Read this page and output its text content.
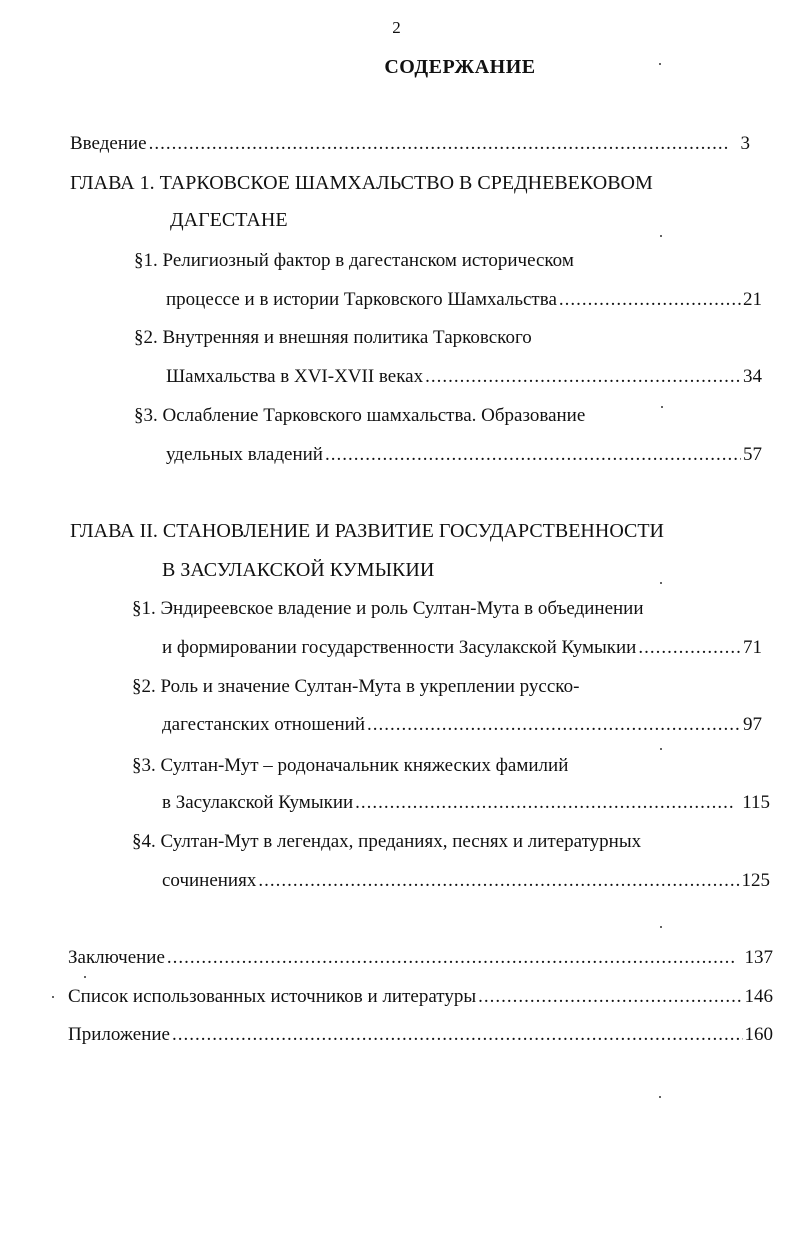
2
СОДЕРЖАНИЕ
Введение .....	3
ГЛАВА 1. ТАРКОВСКОЕ ШАМХАЛЬСТВО В СРЕДНЕВЕКОВОМ
ДАГЕСТАНЕ
§1. Религиозный фактор в дагестанском историческом
процессе и в истории Тарковского Шамхальства .....	21
§2. Внутренняя и внешняя политика Тарковского
Шамхальства в XVI-XVII веках .....	34
§3. Ослабление Тарковского шамхальства. Образование
удельных владений .....	57
ГЛАВА II. СТАНОВЛЕНИЕ И РАЗВИТИЕ ГОСУДАРСТВЕННОСТИ
В ЗАСУЛАКСКОЙ КУМЫКИИ
§1. Эндиреевское владение и роль Султан-Мута в объединении
и формировании государственности Засулакской Кумыкии .....	71
§2. Роль и значение Султан-Мута в укреплении русско-
дагестанских отношений .....	97
§3. Султан-Мут – родоначальник княжеских фамилий
в Засулакской Кумыкии .....	115
§4. Султан-Мут в легендах, преданиях, песнях и литературных
сочинениях .....	125
Заключение .....	137
Список использованных источников и литературы .....	146
Приложение .....	160
